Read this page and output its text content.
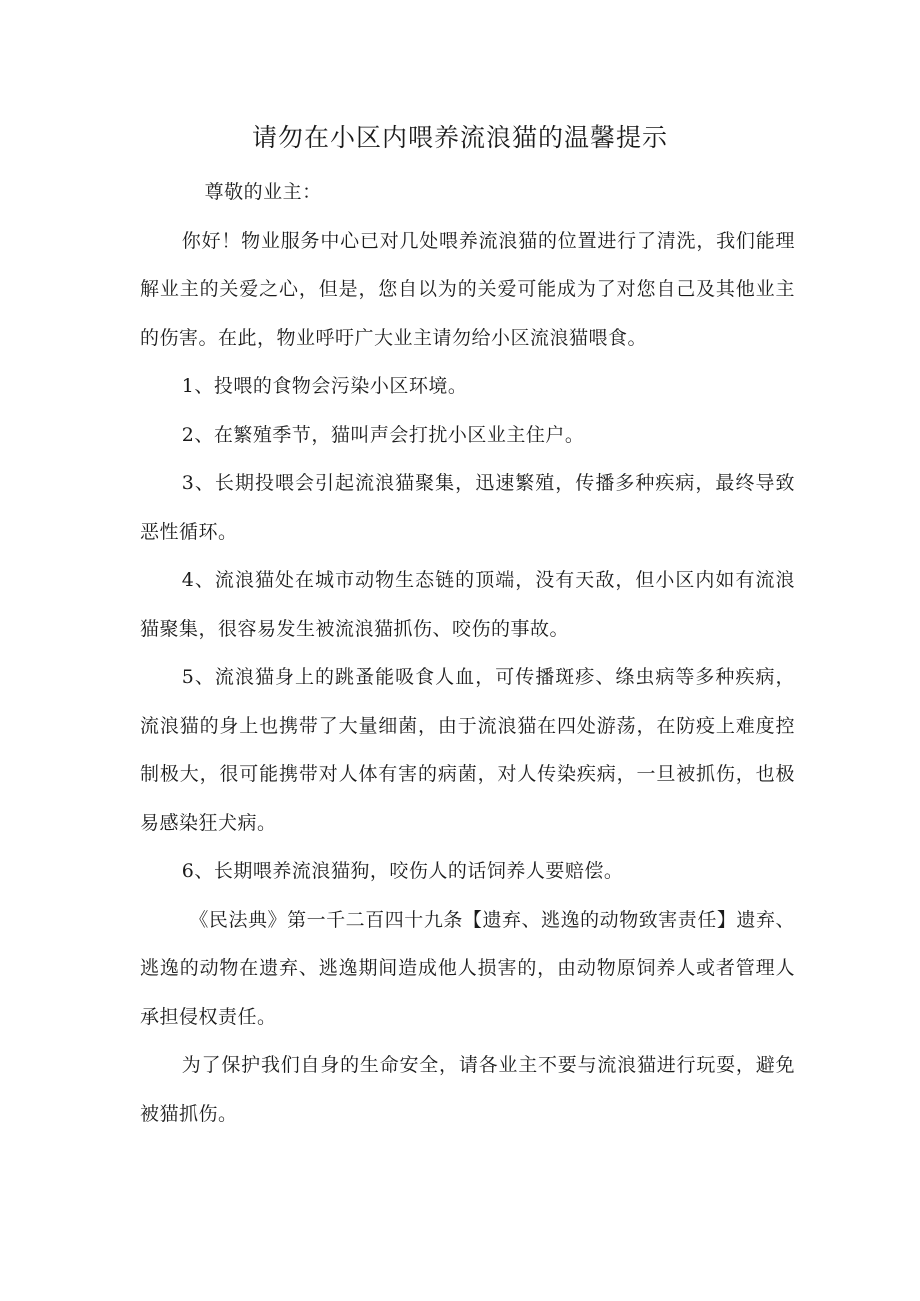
请勿在小区内喂养流浪猫的温馨提示

尊敬的业主：

你好！物业服务中心已对几处喂养流浪猫的位置进行了清洗，我们能理解业主的关爱之心，但是，您自以为的关爱可能成为了对您自己及其他业主的伤害。在此，物业呼吁广大业主请勿给小区流浪猫喂食。

1、投喂的食物会污染小区环境。

2、在繁殖季节，猫叫声会打扰小区业主住户。

3、长期投喂会引起流浪猫聚集，迅速繁殖，传播多种疾病，最终导致恶性循环。

4、流浪猫处在城市动物生态链的顶端，没有天敌，但小区内如有流浪猫聚集，很容易发生被流浪猫抓伤、咬伤的事故。

5、流浪猫身上的跳蚤能吸食人血，可传播斑疹、绦虫病等多种疾病，流浪猫的身上也携带了大量细菌，由于流浪猫在四处游荡，在防疫上难度控制极大，很可能携带对人体有害的病菌，对人传染疾病，一旦被抓伤，也极易感染狂犬病。

6、长期喂养流浪猫狗，咬伤人的话饲养人要赔偿。

《民法典》第一千二百四十九条【遗弃、逃逸的动物致害责任】遗弃、逃逸的动物在遗弃、逃逸期间造成他人损害的，由动物原饲养人或者管理人承担侵权责任。

为了保护我们自身的生命安全，请各业主不要与流浪猫进行玩耍，避免被猫抓伤。
